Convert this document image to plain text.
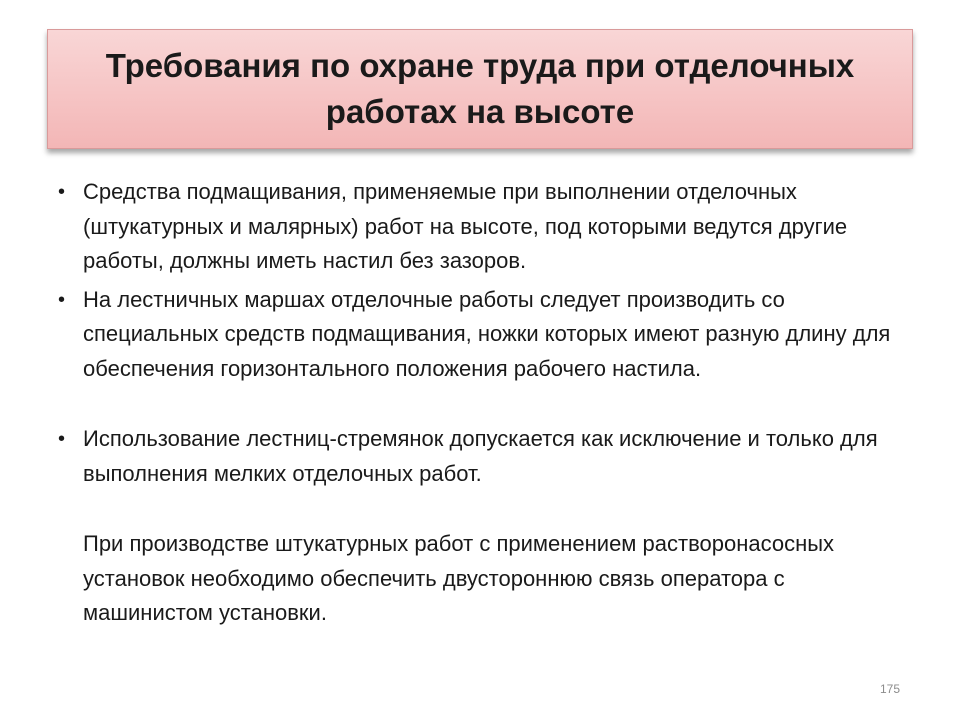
Требования по охране труда при отделочных работах на высоте
• Средства подмащивания, применяемые при выполнении отделочных (штукатурных и малярных) работ на высоте, под которыми ведутся другие работы, должны иметь настил без зазоров.
• На лестничных маршах отделочные работы следует производить со специальных средств подмащивания, ножки которых имеют разную длину для обеспечения горизонтального положения рабочего настила.
• Использование лестниц-стремянок допускается как исключение и только для выполнения мелких отделочных работ.
При производстве штукатурных работ с применением растворонасосных установок необходимо обеспечить двустороннюю связь оператора с машинистом установки.
175
